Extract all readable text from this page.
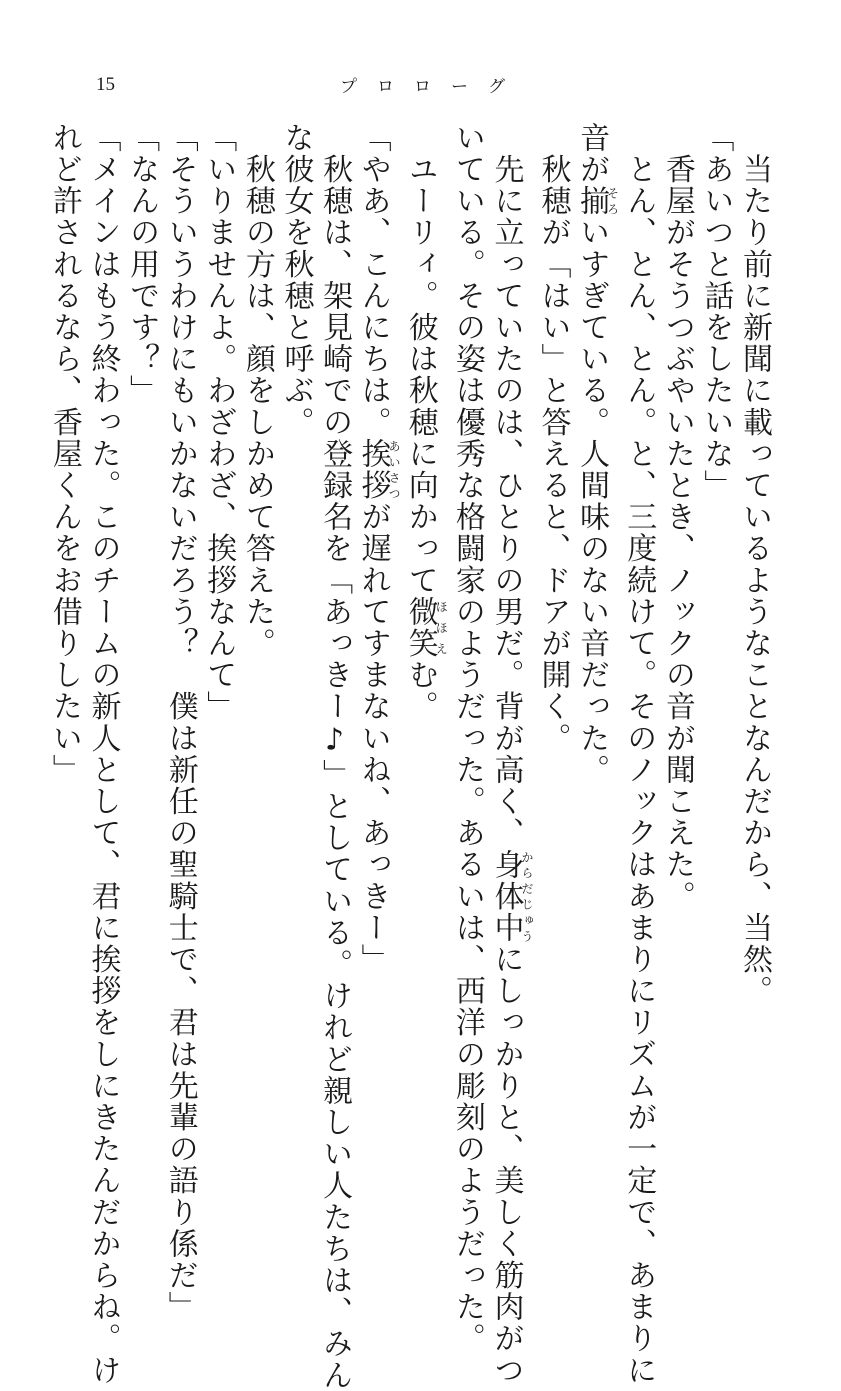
15	プロローグ

　当たり前に新聞に載っているようなことなんだから、当然。

「あいつと話をしたいな」

　香屋がそうつぶやいたとき、ノックの音が聞こえた。

　とん、とん、とん。と、三度続けて。そのノックはあまりにリズムが一定で、あまりに

音が揃そろいすぎている。人間味のない音だった。

　秋穂が「はい」と答えると、ドアが開く。

　先に立っていたのは、ひとりの男だ。背が高く、身体中からだじゅうにしっかりと、美しく筋肉がつ

いている。その姿は優秀な格闘家のようだった。あるいは、西洋の彫刻のようだった。

　ユーリィ。彼は秋穂に向かって微笑ほほえむ。

「やあ、こんにちは。挨拶あいさつが遅れてすまないね、あっきー」

　秋穂は、架見崎での登録名を「あっきー♪」としている。けれど親しい人たちは、みん

な彼女を秋穂と呼ぶ。

　秋穂の方は、顔をしかめて答えた。

「いりませんよ。わざわざ、挨拶なんて」

「そういうわけにもいかないだろう？　僕は新任の聖騎士で、君は先輩の語り係だ」

「なんの用です？」

「メインはもう終わった。このチームの新人として、君に挨拶をしにきたんだからね。け

れど許されるなら、香屋くんをお借りしたい」
